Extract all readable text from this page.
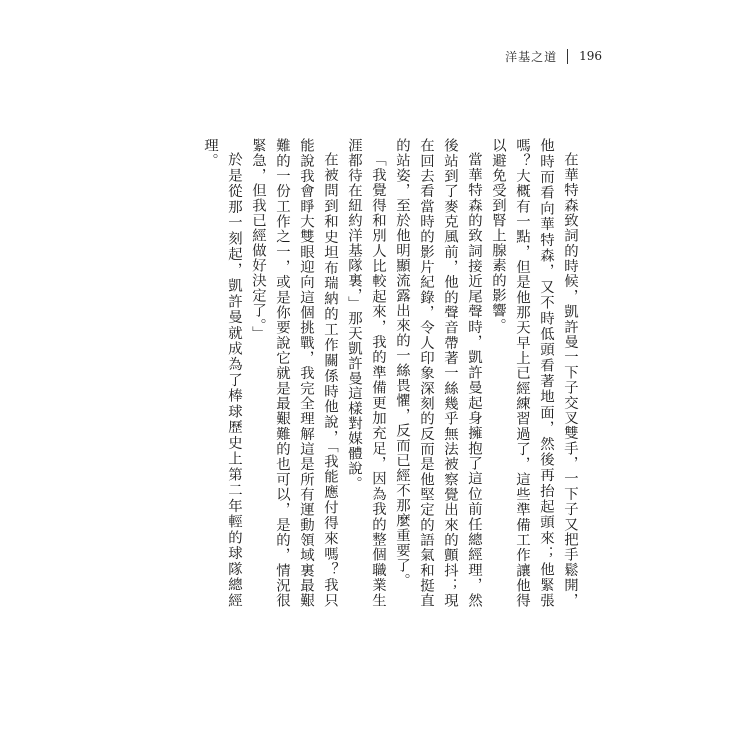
洋基之道 196

在華特森致詞的時候，凱許曼一下子交叉雙手，一下子又把手鬆開，他時而看向華特森，又不時低頭看著地面，然後再抬起頭來；他緊張嗎？大概有一點，但是他那天早上已經練習過了，這些準備工作讓他得以避免受到腎上腺素的影響。

當華特森的致詞接近尾聲時，凱許曼起身擁抱了這位前任總經理，然後站到了麥克風前，他的聲音帶著一絲幾乎無法被察覺出來的顫抖；現在回去看當時的影片紀錄，令人印象深刻的反而是他堅定的語氣和挺直的站姿，至於他明顯流露出來的一絲畏懼，反而已經不那麼重要了。

「我覺得和別人比較起來，我的準備更加充足，因為我的整個職業生涯都待在紐約洋基隊裏，」那天凱許曼這樣對媒體說。

在被問到和史坦布瑞納的工作關係時他說，「我能應付得來嗎？我只能說我會睜大雙眼迎向這個挑戰，我完全理解這是所有運動領域裏最艱難的一份工作之一，或是你要說它就是最艱難的也可以，是的，情況很緊急，但我已經做好決定了。」

於是從那一刻起，凱許曼就成為了棒球歷史上第二年輕的球隊總經理。
